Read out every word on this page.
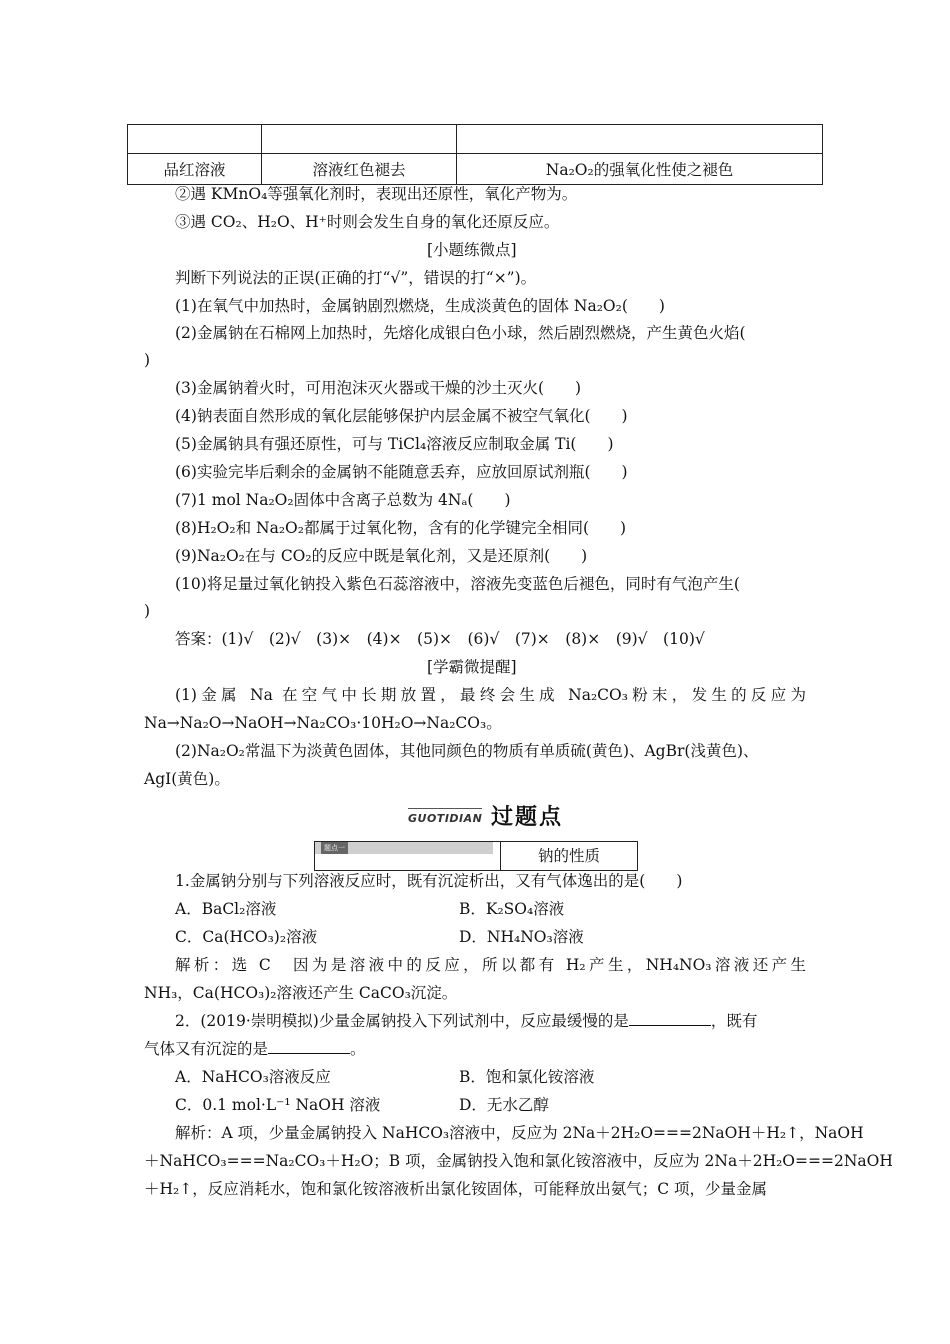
品红溶液	溶液红色褪去	Na₂O₂的强氧化性使之褪色
②遇 KMnO₄等强氧化剂时，表现出还原性，氧化产物为。
③遇 CO₂、H₂O、H⁺时则会发生自身的氧化还原反应。
[小题练微点]
判断下列说法的正误(正确的打“√”，错误的打“×”)。
(1)在氧气中加热时，金属钠剧烈燃烧，生成淡黄色的固体 Na₂O₂(　　)
(2)金属钠在石棉网上加热时，先熔化成银白色小球，然后剧烈燃烧，产生黄色火焰(
)
(3)金属钠着火时，可用泡沫灭火器或干燥的沙土灭火(　　)
(4)钠表面自然形成的氧化层能够保护内层金属不被空气氧化(　　)
(5)金属钠具有强还原性，可与 TiCl₄溶液反应制取金属 Ti(　　)
(6)实验完毕后剩余的金属钠不能随意丢弃，应放回原试剂瓶(　　)
(7)1 mol Na₂O₂固体中含离子总数为 4Nₐ(　　)
(8)H₂O₂和 Na₂O₂都属于过氧化物，含有的化学键完全相同(　　)
(9)Na₂O₂在与 CO₂的反应中既是氧化剂，又是还原剂(　　)
(10)将足量过氧化钠投入紫色石蕊溶液中，溶液先变蓝色后褪色，同时有气泡产生(
)
答案：(1)√　(2)√　(3)×　(4)×　(5)×　(6)√　(7)×　(8)×　(9)√　(10)√
[学霸微提醒]
(1)金属 Na 在空气中长期放置，最终会生成 Na₂CO₃粉末，发生的反应为
Na→Na₂O→NaOH→Na₂CO₃·10H₂O→Na₂CO₃。
(2)Na₂O₂常温下为淡黄色固体，其他同颜色的物质有单质硫(黄色)、AgBr(浅黄色)、
AgI(黄色)。
GUOTIDIAN 过题点
题点一	钠的性质
1.金属钠分别与下列溶液反应时，既有沉淀析出，又有气体逸出的是(　　)
A．BaCl₂溶液	B．K₂SO₄溶液
C．Ca(HCO₃)₂溶液	D．NH₄NO₃溶液
解析：选 C　因为是溶液中的反应，所以都有 H₂产生，NH₄NO₃溶液还产生
NH₃，Ca(HCO₃)₂溶液还产生 CaCO₃沉淀。
2．(2019·崇明模拟)少量金属钠投入下列试剂中，反应最缓慢的是	，既有
气体又有沉淀的是	。
A．NaHCO₃溶液反应	B．饱和氯化铵溶液
C．0.1 mol·L⁻¹ NaOH 溶液	D．无水乙醇
解析：A 项，少量金属钠投入 NaHCO₃溶液中，反应为 2Na＋2H₂O===2NaOH＋H₂↑，NaOH
＋NaHCO₃===Na₂CO₃＋H₂O；B 项，金属钠投入饱和氯化铵溶液中，反应为 2Na＋2H₂O===2NaOH
＋H₂↑，反应消耗水，饱和氯化铵溶液析出氯化铵固体，可能释放出氨气；C 项，少量金属
